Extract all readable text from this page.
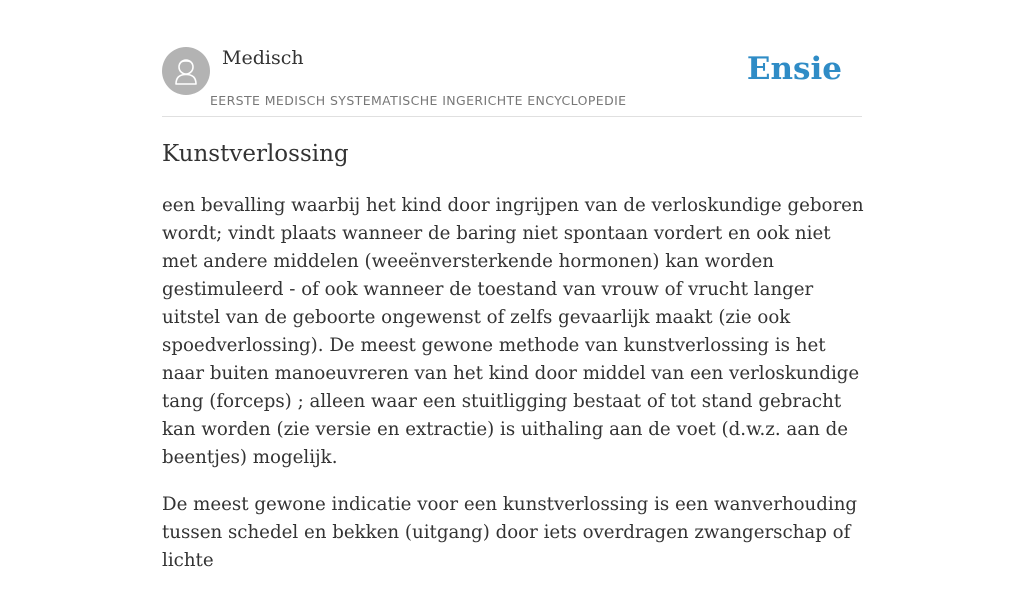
Medisch
EERSTE MEDISCH SYSTEMATISCHE INGERICHTE ENCYCLOPEDIE
Ensie
Kunstverlossing

een bevalling waarbij het kind door ingrijpen van de verloskundige geboren wordt; vindt plaats wanneer de baring niet spontaan vordert en ook niet met andere middelen (weeënversterkende hormonen) kan worden gestimuleerd - of ook wanneer de toestand van vrouw of vrucht langer uitstel van de geboorte ongewenst of zelfs gevaarlijk maakt (zie ook spoedverlossing). De meest gewone methode van kunstverlossing is het naar buiten manoeuvreren van het kind door middel van een verloskundige tang (forceps) ; alleen waar een stuitligging bestaat of tot stand gebracht kan worden (zie versie en extractie) is uithaling aan de voet (d.w.z. aan de beentjes) mogelijk.

De meest gewone indicatie voor een kunstverlossing is een wanverhouding tussen schedel en bekken (uitgang) door iets overdragen zwangerschap of lichte
